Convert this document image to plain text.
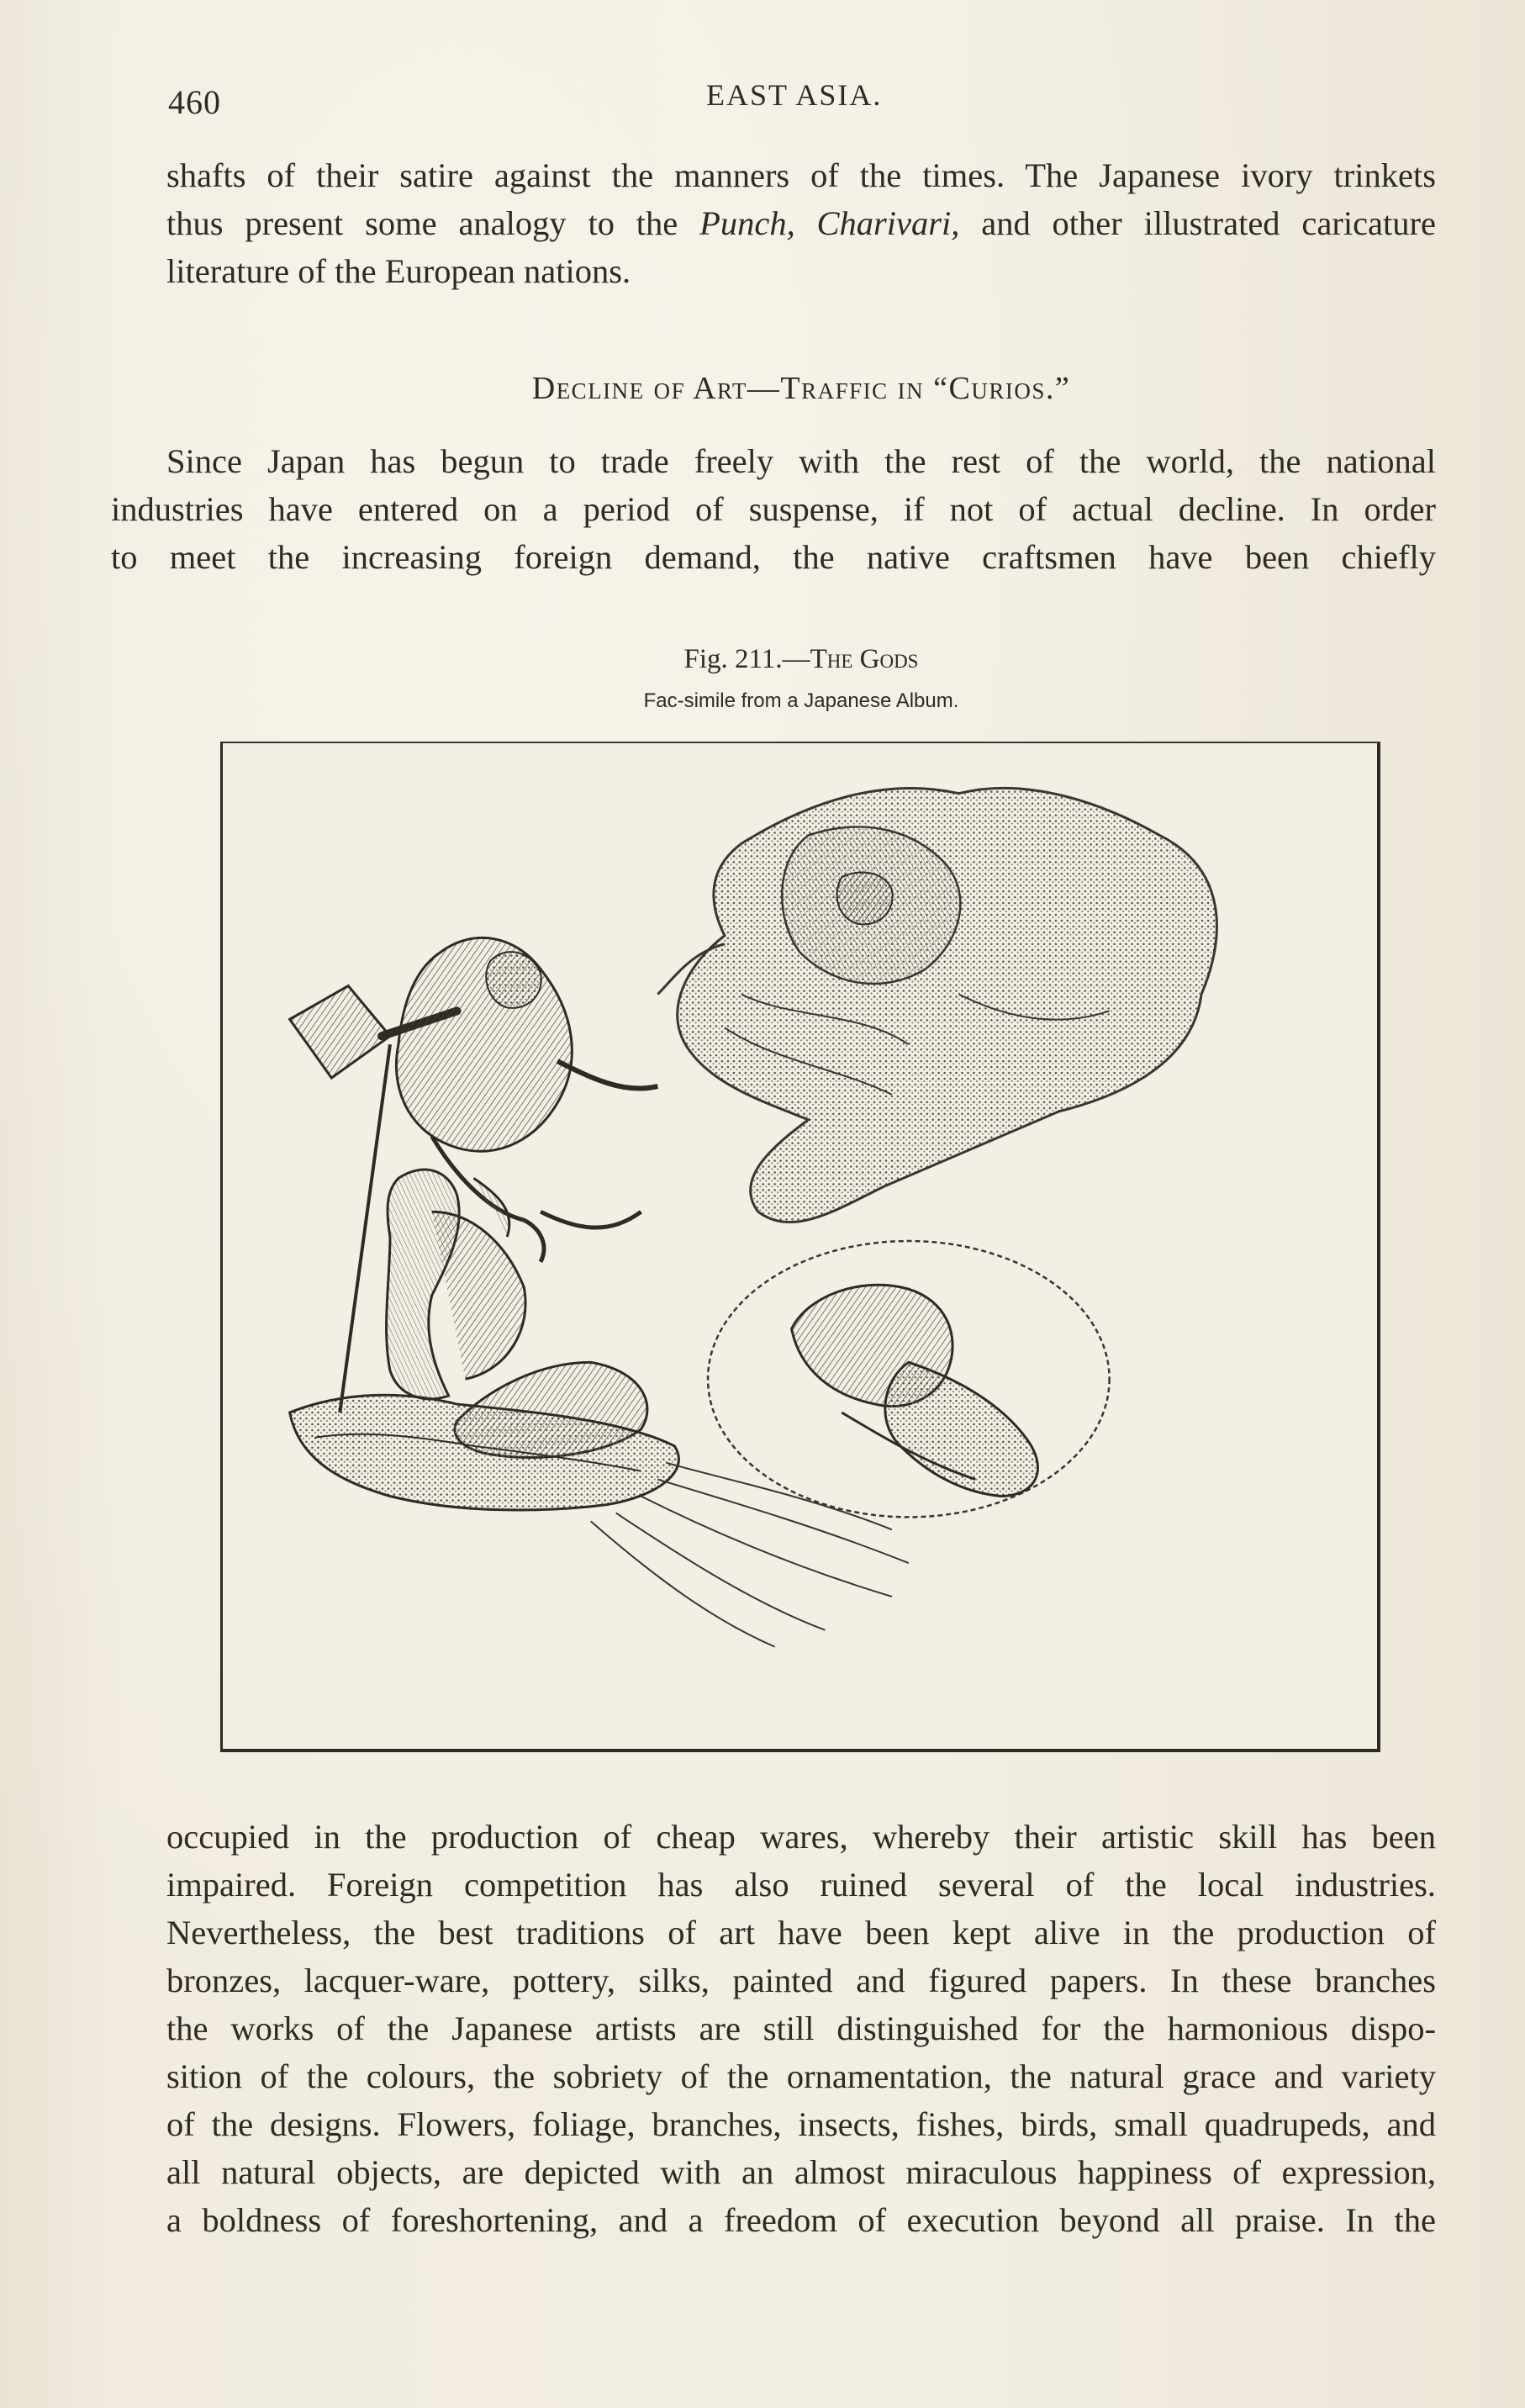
460	EAST ASIA.

shafts of their satire against the manners of the times. The Japanese ivory trinkets
thus present some analogy to the Punch, Charivari, and other illustrated caricature
literature of the European nations.

Decline of Art—Traffic in “Curios.”

Since Japan has begun to trade freely with the rest of the world, the national
industries have entered on a period of suspense, if not of actual decline. In order
to meet the increasing foreign demand, the native craftsmen have been chiefly

Fig. 211.—The Gods
Fac-simile from a Japanese Album.

occupied in the production of cheap wares, whereby their artistic skill has been
impaired. Foreign competition has also ruined several of the local industries.
Nevertheless, the best traditions of art have been kept alive in the production of
bronzes, lacquer-ware, pottery, silks, painted and figured papers. In these branches
the works of the Japanese artists are still distinguished for the harmonious dispo-
sition of the colours, the sobriety of the ornamentation, the natural grace and variety
of the designs. Flowers, foliage, branches, insects, fishes, birds, small quadrupeds, and
all natural objects, are depicted with an almost miraculous happiness of expression,
a boldness of foreshortening, and a freedom of execution beyond all praise. In the
